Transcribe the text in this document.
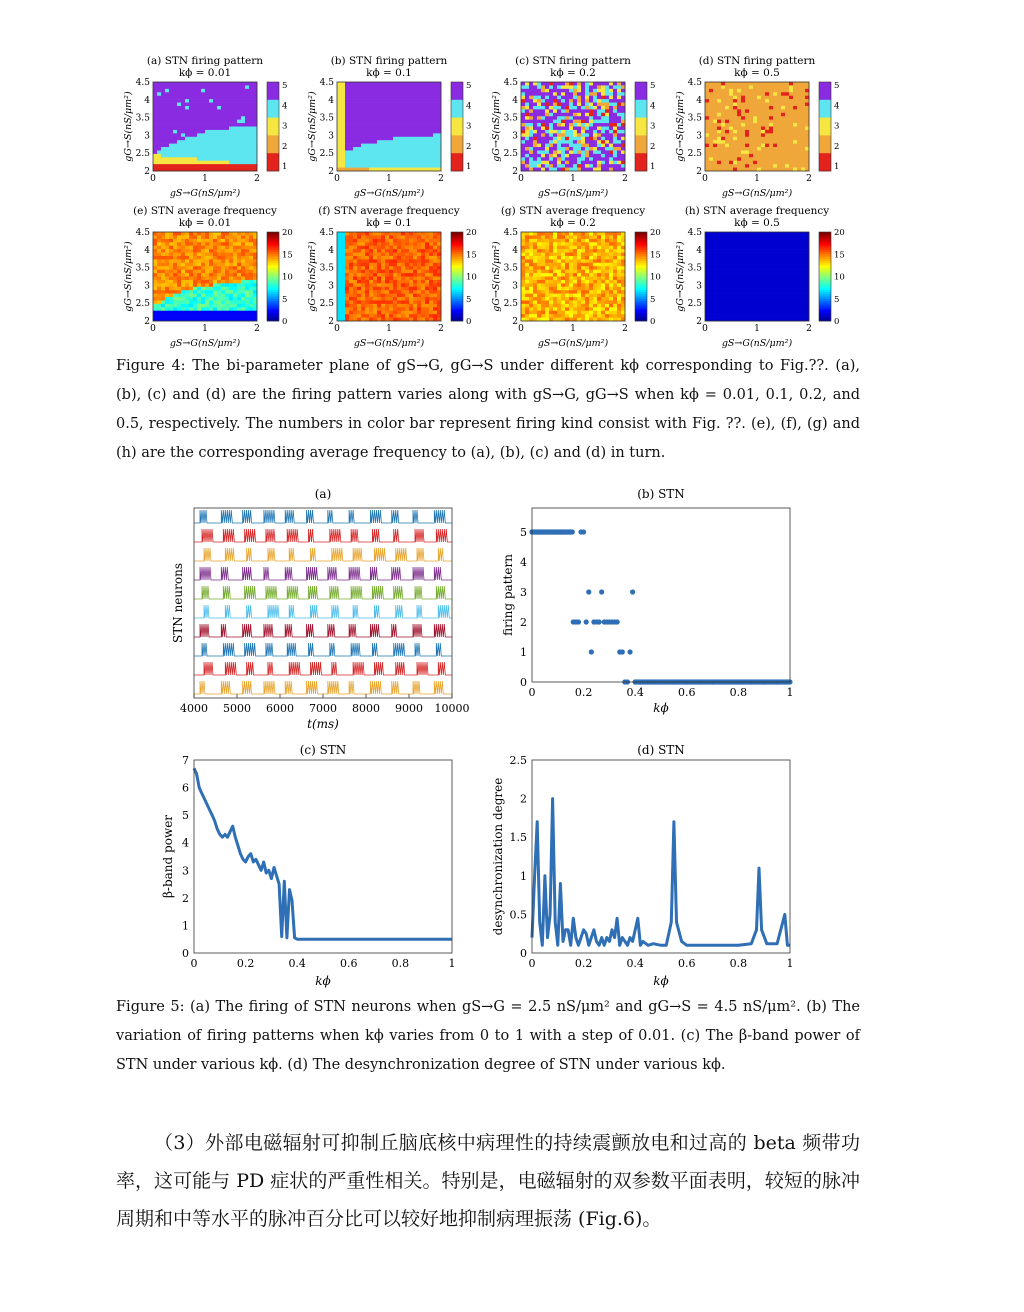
(a) STN firing pattern
kϕ = 0.01
2
2.5
3
3.5
4
4.5
0	1	2
gS→G(nS/μm²)
gG→S(nS/μm²)
1
2
3
4
5
(b) STN firing pattern
kϕ = 0.1
2
2.5
3
3.5
4
4.5
0	1	2
gS→G(nS/μm²)
gG→S(nS/μm²)
1
2
3
4
5
(c) STN firing pattern
kϕ = 0.2
2
2.5
3
3.5
4
4.5
0	1	2
gS→G(nS/μm²)
gG→S(nS/μm²)
1
2
3
4
5
(d) STN firing pattern
kϕ = 0.5
2
2.5
3
3.5
4
4.5
0	1	2
gS→G(nS/μm²)
gG→S(nS/μm²)
1
2
3
4
5
(e) STN average frequency
kϕ = 0.01
2
2.5
3
3.5
4
4.5
0	1	2
gS→G(nS/μm²)
gG→S(nS/μm²)
0
5
10
15
20
(f) STN average frequency
kϕ = 0.1
2
2.5
3
3.5
4
4.5
0	1	2
gS→G(nS/μm²)
gG→S(nS/μm²)
0
5
10
15
20
(g) STN average frequency
kϕ = 0.2
2
2.5
3
3.5
4
4.5
0	1	2
gS→G(nS/μm²)
gG→S(nS/μm²)
0
5
10
15
20
(h) STN average frequency
kϕ = 0.5
2
2.5
3
3.5
4
4.5
0	1	2
gS→G(nS/μm²)
gG→S(nS/μm²)
0
5
10
15
20

Figure 4: The bi-parameter plane of gS→G, gG→S under different kϕ corresponding to Fig.??. (a), (b), (c) and (d) are the firing pattern varies along with gS→G, gG→S when kϕ = 0.01, 0.1, 0.2, and 0.5, respectively. The numbers in color bar represent firing kind consist with Fig. ??. (e), (f), (g) and (h) are the corresponding average frequency to (a), (b), (c) and (d) in turn.

(a)
4000 5000 6000 7000 8000 9000 10000
t(ms)
STN neurons
(b) STN
0	0.2	0.4	0.6	0.8	1
0
1
2
3
4
5
kϕ
firing pattern
(c) STN
0	0.2	0.4	0.6	0.8	1
0
1
2
3
4
5
6
7
kϕ
β-band power
(d) STN
0	0.2	0.4	0.6	0.8	1
0
0.5
1
1.5
2
2.5
kϕ
desynchronization degree

Figure 5: (a) The firing of STN neurons when gS→G = 2.5 nS/μm² and gG→S = 4.5 nS/μm². (b) The variation of firing patterns when kϕ varies from 0 to 1 with a step of 0.01. (c) The β-band power of STN under various kϕ. (d) The desynchronization degree of STN under various kϕ.

（3）外部电磁辐射可抑制丘脑底核中病理性的持续震颤放电和过高的 beta 频带功率，这可能与 PD 症状的严重性相关。特别是，电磁辐射的双参数平面表明，较短的脉冲周期和中等水平的脉冲百分比可以较好地抑制病理振荡 (Fig.6)。
